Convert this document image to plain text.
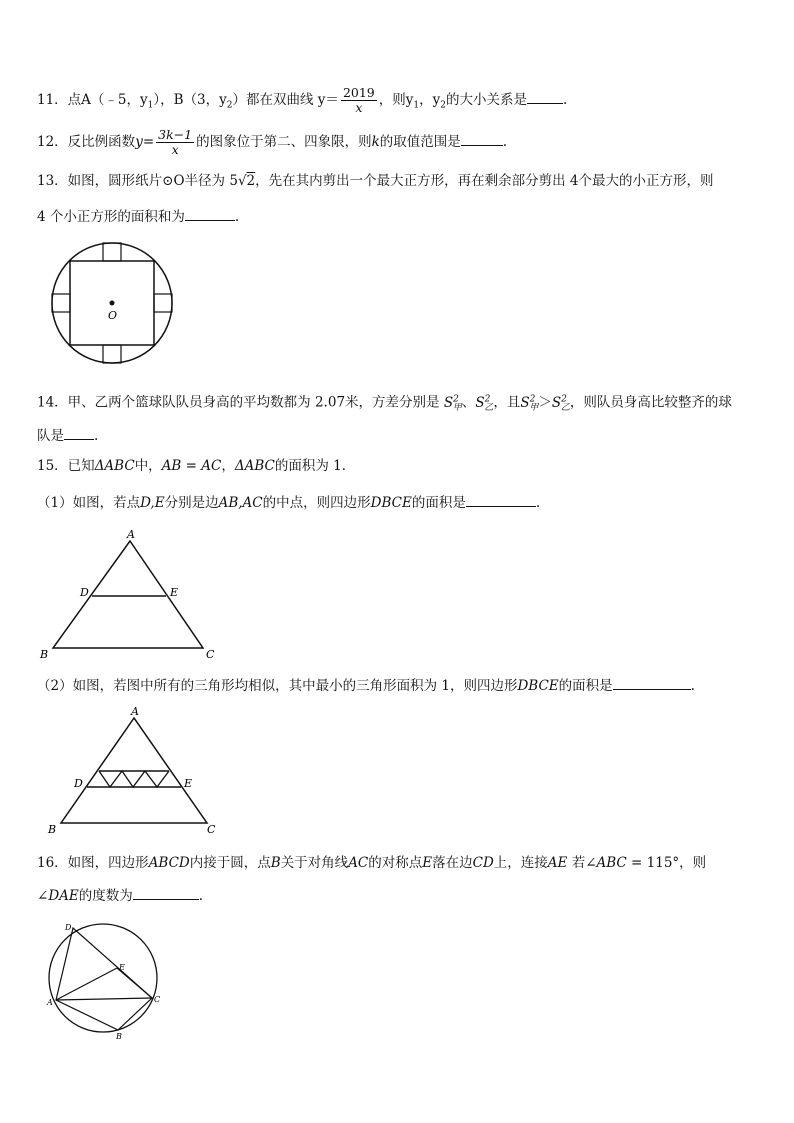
11．点A（﹣5，$y_1$），B（3，$y_2$）都在双曲线 $y= \frac{2019}{x}$ ，则$y_1$，$y_2$的大小关系是	.
12．反比例函数$y= \frac{3k-1}{x}$ 的图象位于第二、四象限，则k的取值范围是	.
13．如图，圆形纸片⊙O半径为 5√2，先在其内剪出一个最大正方形，再在剩余部分剪出 4个最大的小正方形，则
4 个小正方形的面积和为	.
O
14．甲、乙两个篮球队队员身高的平均数都为 2.07米，方差分别是 $S^2_甲$、$S^2_乙$，且$S^2_甲>S^2_乙$，则队员身高比较整齐的球
队是 .
15．已知ΔABC中，AB = AC，ΔABC的面积为 1．
（1）如图，若点D,E分别是边AB,AC的中点，则四边形DBCE的面积是	.
A
D	E
B	C
（2）如图，若图中所有的三角形均相似，其中最小的三角形面积为 1，则四边形DBCE的面积是	.
A
D	E
B	C
16．如图，四边形ABCD内接于圆，点B关于对角线AC的对称点E落在边CD上，连接AE 若∠ABC = 115°，则
∠DAE的度数为	.
D
E
A	C
B
